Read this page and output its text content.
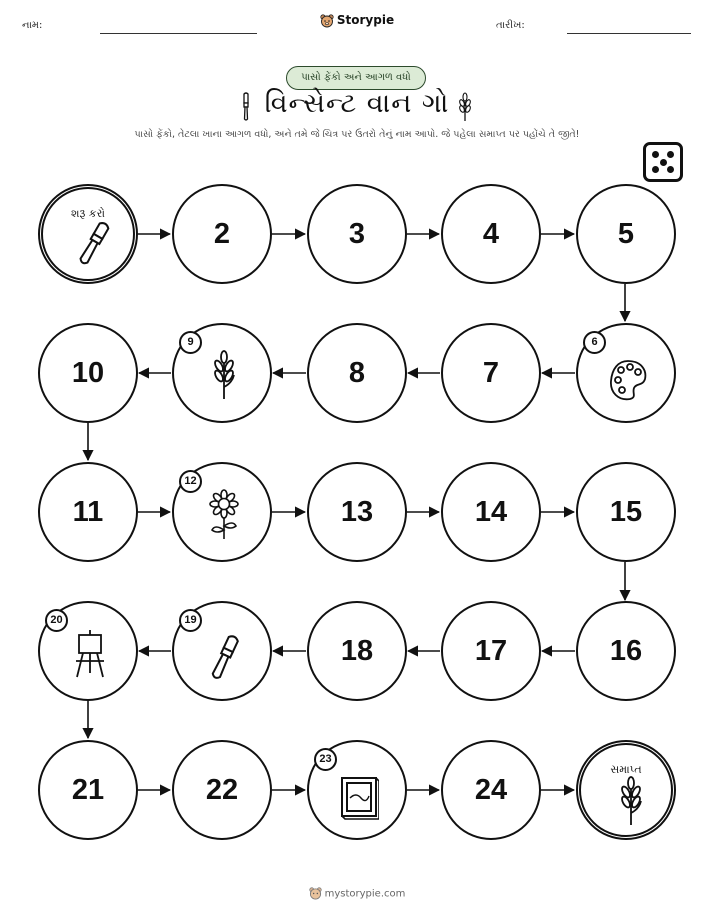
નામ:	Storypie	તારીખ:
પાસો ફેંકો અને આગળ વધો
વિન્સેન્ટ વાન ગો
પાસો ફેંકો, તેટલા ખાના આગળ વધો, અને તમે જે ચિત્ર પર ઉતરો તેનું નામ આપો. જે પહેલા સમાપ્ત પર પહોંચે તે જીતે!
શરૂ કરો
2	3	4	5
10
9
8	7
6
11
12
13	14	15
20	19
18	17	16
21	22
23
24
સમાપ્ત
mystorypie.com
